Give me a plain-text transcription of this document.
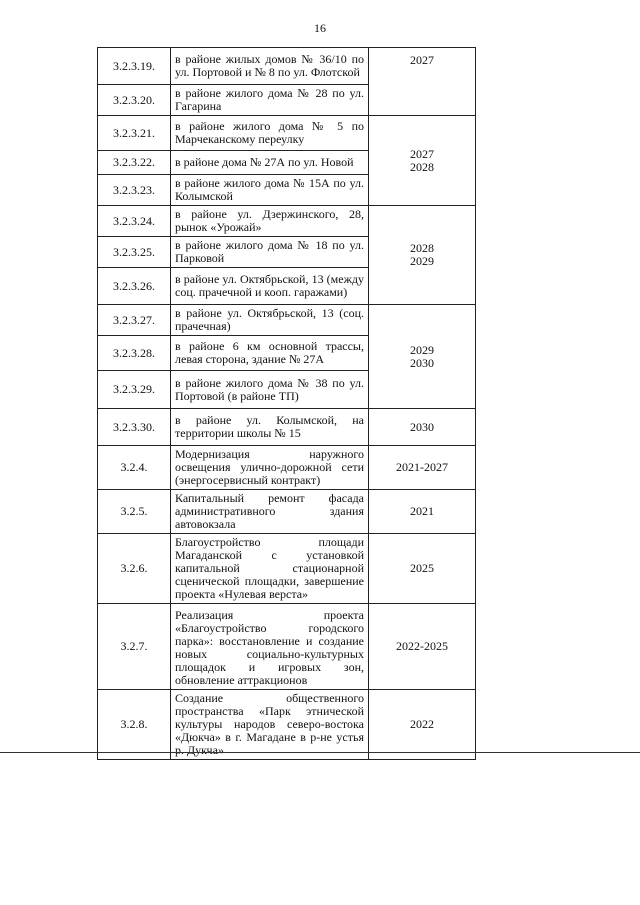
16
3.2.3.19.	в районе жилых домов № 36/10 по ул. Портовой и № 8 по ул. Флотской	2027

3.2.3.20.	в районе жилого дома № 28 по ул. Гагарина	
3.2.3.21.	в районе жилого дома № 5 по Марчеканскому переулку	2027
2028

3.2.3.22.	в районе дома № 27А по ул. Новой	
3.2.3.23.	в районе жилого дома № 15А по ул. Колымской	
3.2.3.24.	в районе ул. Дзержинского, 28, рынок «Урожай»	2028
2029

3.2.3.25.	в районе жилого дома № 18 по ул. Парковой	
3.2.3.26.	в районе ул. Октябрьской, 13 (между соц. прачечной и кооп. гаражами)	
3.2.3.27.	в районе ул. Октябрьской, 13 (соц. прачечная)	2029
2030

3.2.3.28.	в районе 6 км основной трассы, левая сторона, здание № 27А	
3.2.3.29.	в районе жилого дома № 38 по ул. Портовой (в районе ТП)	
3.2.3.30.	в районе ул. Колымской, на территории школы № 15	2030

3.2.4.	Модернизация наружного освещения улично-дорожной сети (энергосервисный контракт)	2021-2027

3.2.5.	Капитальный ремонт фасада административного здания автовокзала	2021

3.2.6.	Благоустройство площади Магаданской с установкой капитальной стационарной сценической площадки, завершение проекта «Нулевая верста»	2025

3.2.7.	Реализация проекта «Благоустройство городского парка»: восстановление и создание новых социально-культурных площадок и игровых зон, обновление аттракционов	2022-2025

3.2.8.	Создание общественного пространства «Парк этнической культуры народов северо-востока «Дюкча» в г. Магадане в р-не устья р. Дукча»	2022
